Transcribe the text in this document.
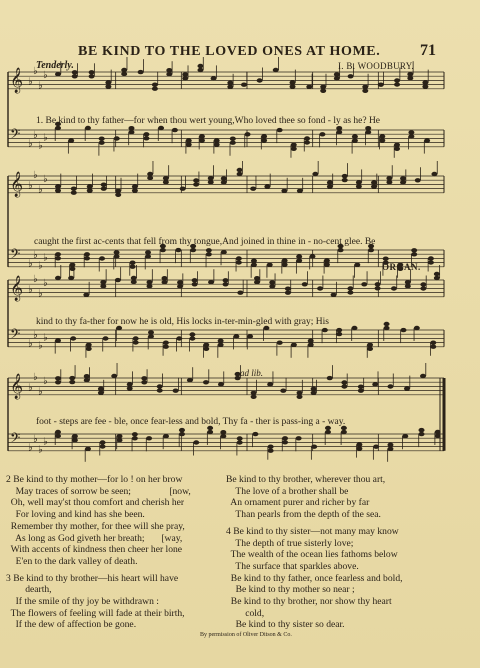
BE KIND TO THE LOVED ONES AT HOME. 71
Tenderly.	I. B. WOODBURY.
𝄞 ♭
♭
♭
♭
𝄢 ♭
♭
♭
♭
𝄞 ♭
♭
♭
♭
𝄢 ♭
♭
♭
♭
𝄞 ♭
♭
♭
♭
𝄢 ♭
♭
♭
♭
𝄞 ♭
♭
♭
♭
𝄢 ♭
♭
♭
♭
1. Be kind to thy father—for when thou wert young,Who loved thee so fond - ly as he? He
caught the first ac-cents that fell from thy tongue,And joined in thine in - no-cent glee. Be
kind to thy fa-ther for now he is old, His locks in-ter-min-gled with gray; His
foot - steps are fee - ble, once fear-less and bold, Thy fa - ther is pass-ing a - way.
ORGAN.
ad lib.
2 Be kind to thy mother—for lo ! on her brow
May traces of sorrow be seen;                [now,
Oh, well may'st thou comfort and cherish her
For loving and kind has she been.
Remember thy mother, for thee will she pray,
As long as God giveth her breath;       [way,
With accents of kindness then cheer her lone
E'en to the dark valley of death.

3 Be kind to thy brother—his heart will have
dearth,
If the smile of thy joy be withdrawn :
The flowers of feeling will fade at their birth,
If the dew of affection be gone.
Be kind to thy brother, wherever thou art,
The love of a brother shall be
An ornament purer and richer by far
Than pearls from the depth of the sea.

4 Be kind to thy sister—not many may know
The depth of true sisterly love;
The wealth of the ocean lies fathoms below
The surface that sparkles above.
Be kind to thy father, once fearless and bold,
Be kind to thy mother so near ;
Be kind to thy brother, nor show thy heart
cold,
Be kind to thy sister so dear.
By permission of Oliver Ditson & Co.
